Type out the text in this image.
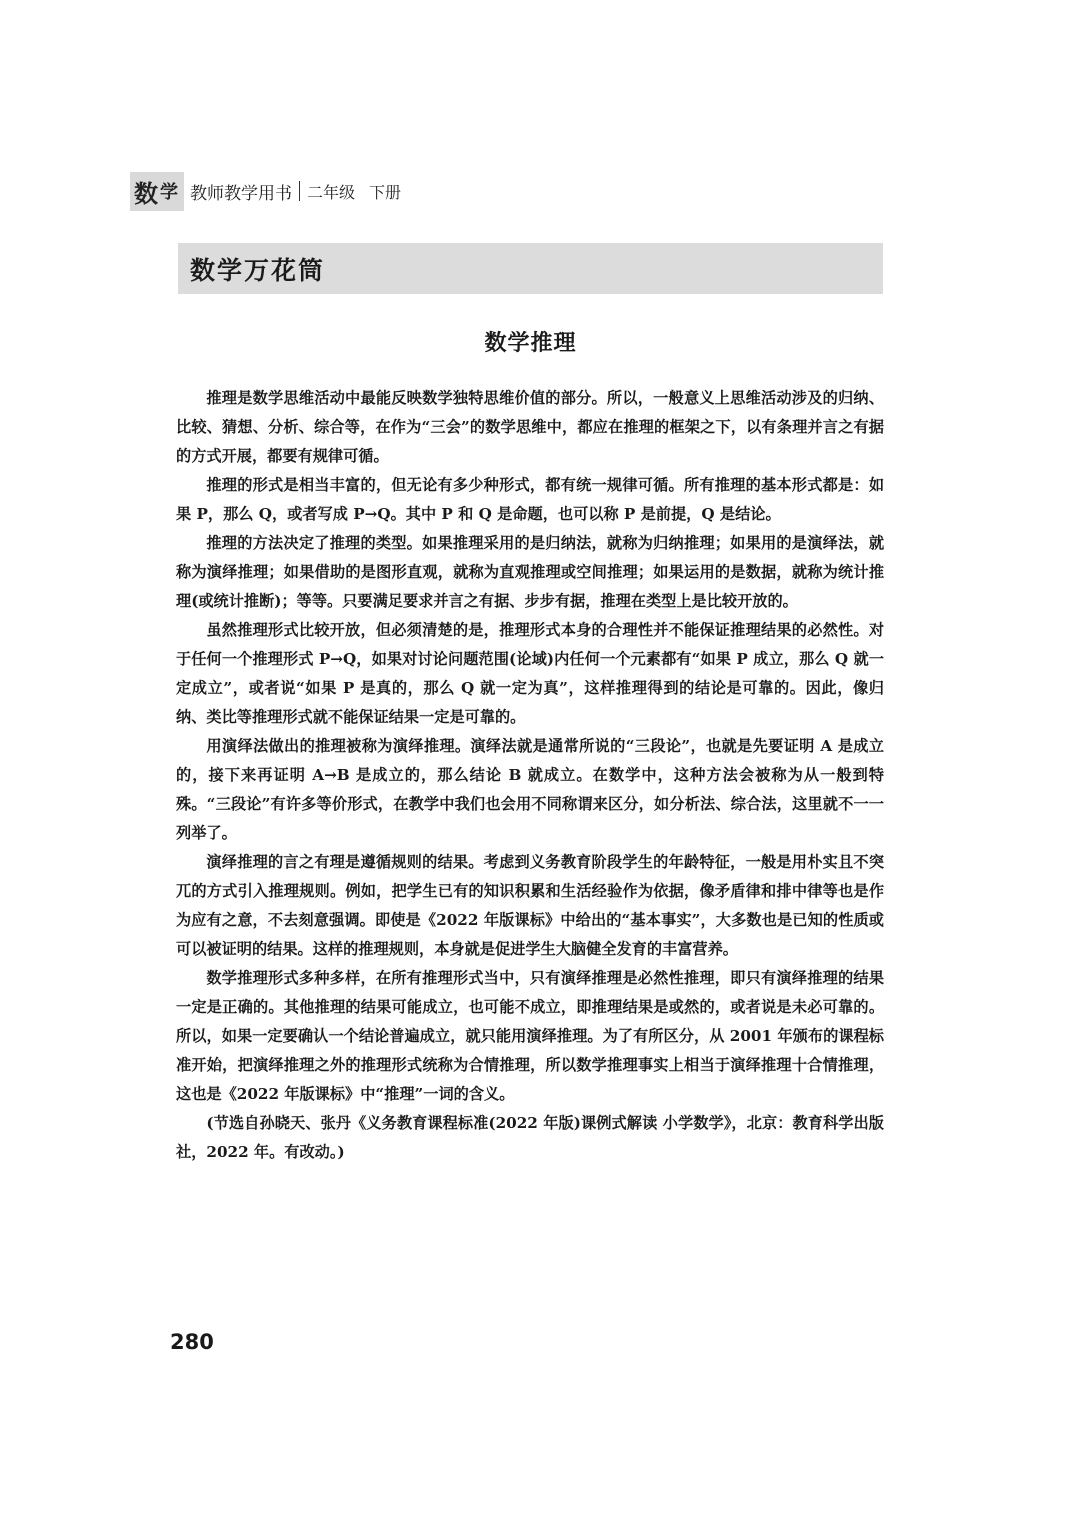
数 学 教师教学用书 二年级 下册
数学万花筒
数学推理

推理是数学思维活动中最能反映数学独特思维价值的部分。所以，一般意义上思维活动涉及的归纳、比较、猜想、分析、综合等，在作为“三会”的数学思维中，都应在推理的框架之下，以有条理并言之有据的方式开展，都要有规律可循。

推理的形式是相当丰富的，但无论有多少种形式，都有统一规律可循。所有推理的基本形式都是：如果 P，那么 Q，或者写成 P→Q。其中 P 和 Q 是命题，也可以称 P 是前提，Q 是结论。

推理的方法决定了推理的类型。如果推理采用的是归纳法，就称为归纳推理；如果用的是演绎法，就称为演绎推理；如果借助的是图形直观，就称为直观推理或空间推理；如果运用的是数据，就称为统计推理(或统计推断)；等等。只要满足要求并言之有据、步步有据，推理在类型上是比较开放的。

虽然推理形式比较开放，但必须清楚的是，推理形式本身的合理性并不能保证推理结果的必然性。对于任何一个推理形式 P→Q，如果对讨论问题范围(论域)内任何一个元素都有“如果 P 成立，那么 Q 就一定成立”，或者说“如果 P 是真的，那么 Q 就一定为真”，这样推理得到的结论是可靠的。因此，像归纳、类比等推理形式就不能保证结果一定是可靠的。

用演绎法做出的推理被称为演绎推理。演绎法就是通常所说的“三段论”，也就是先要证明 A 是成立的，接下来再证明 A→B 是成立的，那么结论 B 就成立。在数学中，这种方法会被称为从一般到特殊。“三段论”有许多等价形式，在教学中我们也会用不同称谓来区分，如分析法、综合法，这里就不一一列举了。

演绎推理的言之有理是遵循规则的结果。考虑到义务教育阶段学生的年龄特征，一般是用朴实且不突兀的方式引入推理规则。例如，把学生已有的知识积累和生活经验作为依据，像矛盾律和排中律等也是作为应有之意，不去刻意强调。即使是《2022 年版课标》中给出的“基本事实”，大多数也是已知的性质或可以被证明的结果。这样的推理规则，本身就是促进学生大脑健全发育的丰富营养。

数学推理形式多种多样，在所有推理形式当中，只有演绎推理是必然性推理，即只有演绎推理的结果一定是正确的。其他推理的结果可能成立，也可能不成立，即推理结果是或然的，或者说是未必可靠的。所以，如果一定要确认一个结论普遍成立，就只能用演绎推理。为了有所区分，从 2001 年颁布的课程标准开始，把演绎推理之外的推理形式统称为合情推理，所以数学推理事实上相当于演绎推理十合情推理，这也是《2022 年版课标》中“推理”一词的含义。

(节选自孙晓天、张丹《义务教育课程标准(2022 年版)课例式解读 小学数学》，北京：教育科学出版社，2022 年。有改动。)

280
